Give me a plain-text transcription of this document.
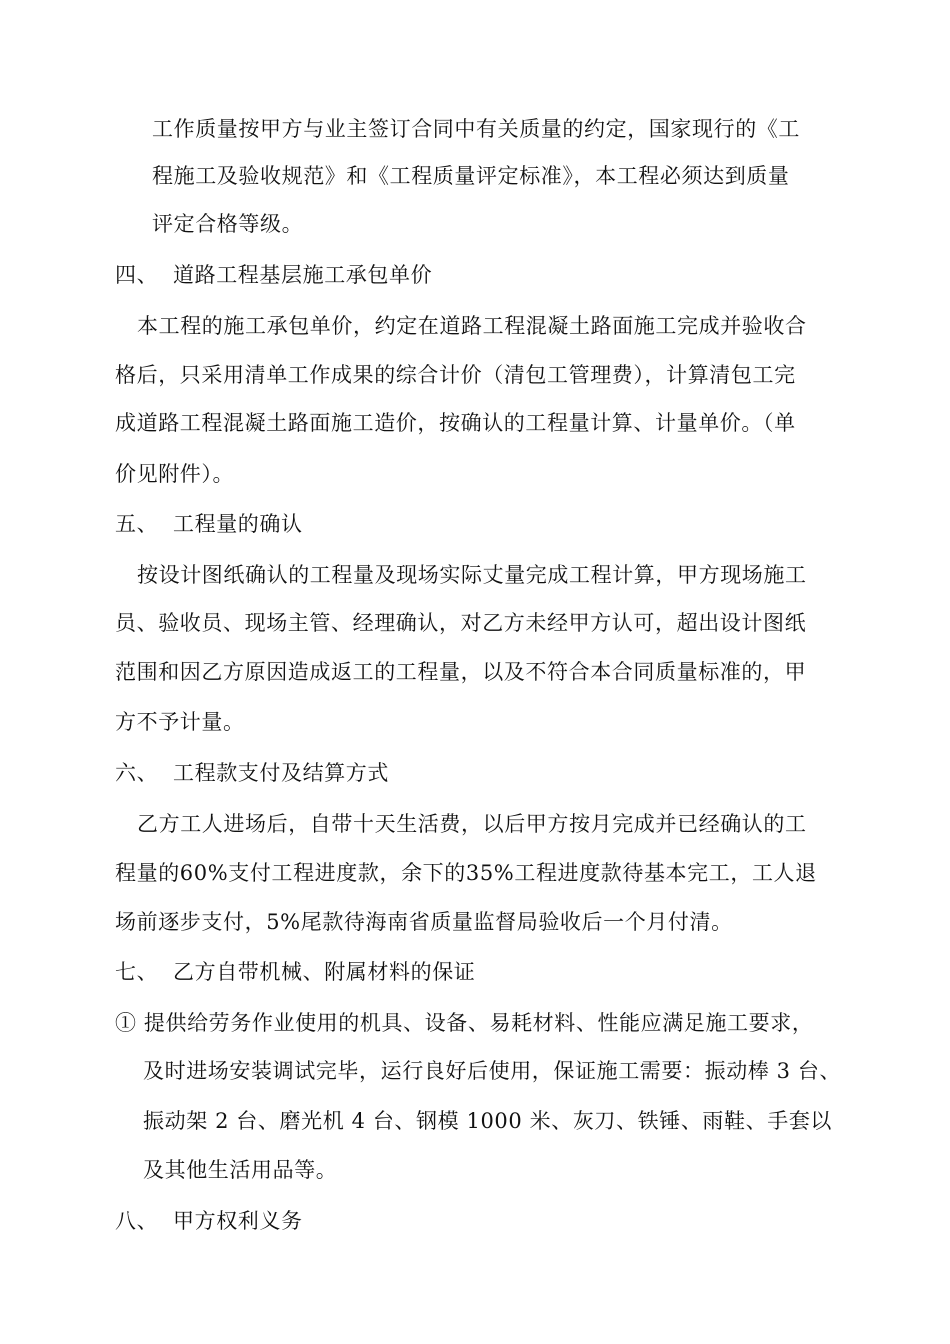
工作质量按甲方与业主签订合同中有关质量的约定，国家现行的《工
程施工及验收规范》和《工程质量评定标准》，本工程必须达到质量
评定合格等级。
四、 道路工程基层施工承包单价
本工程的施工承包单价，约定在道路工程混凝土路面施工完成并验收合
格后，只采用清单工作成果的综合计价（清包工管理费），计算清包工完
成道路工程混凝土路面施工造价，按确认的工程量计算、计量单价。（单
价见附件）。
五、 工程量的确认
按设计图纸确认的工程量及现场实际丈量完成工程计算，甲方现场施工
员、验收员、现场主管、经理确认，对乙方未经甲方认可，超出设计图纸
范围和因乙方原因造成返工的工程量，以及不符合本合同质量标准的，甲
方不予计量。
六、 工程款支付及结算方式
乙方工人进场后，自带十天生活费，以后甲方按月完成并已经确认的工
程量的60%支付工程进度款，余下的35%工程进度款待基本完工，工人退
场前逐步支付，5%尾款待海南省质量监督局验收后一个月付清。
七、 乙方自带机械、附属材料的保证
① 提供给劳务作业使用的机具、设备、易耗材料、性能应满足施工要求，
及时进场安装调试完毕，运行良好后使用，保证施工需要：振动棒 3 台、
振动架 2 台、磨光机 4 台、钢模 1000 米、灰刀、铁锤、雨鞋、手套以
及其他生活用品等。
八、 甲方权利义务
